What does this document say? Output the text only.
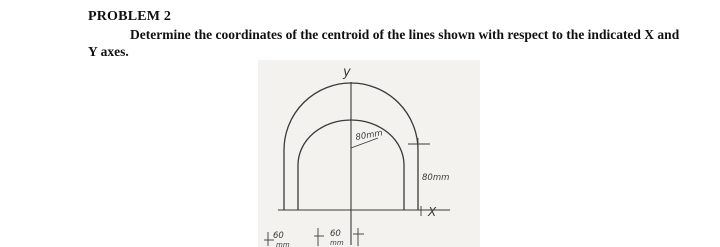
PROBLEM 2
Determine the coordinates of the centroid of the lines shown with respect to the indicated X and Y axes.
y
80mm
80mm
X
60
mm
60
mm
